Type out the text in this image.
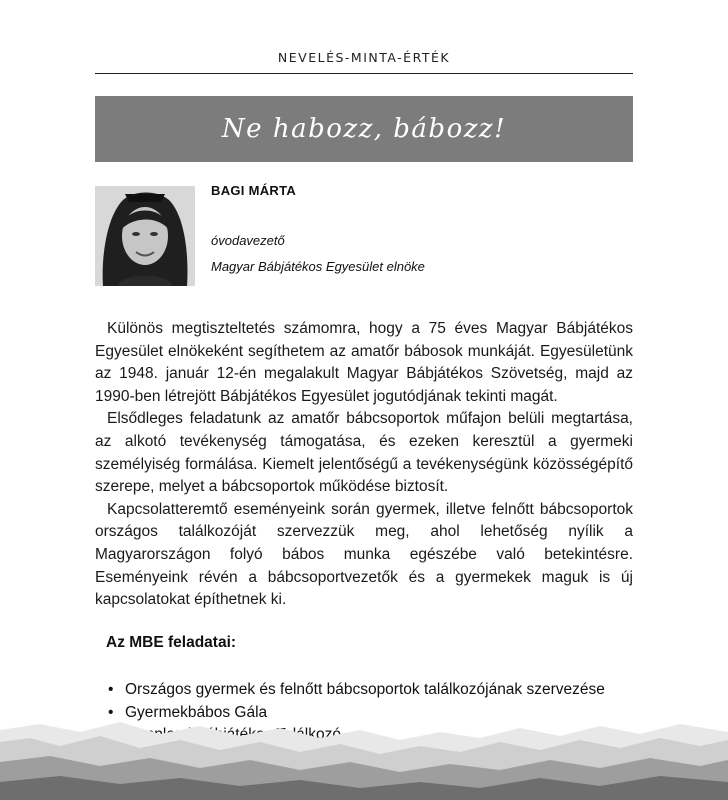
NEVELÉS-MINTA-ÉRTÉK
Ne habozz, bábozz!
BAGI MÁRTA
óvodavezető
Magyar Bábjátékos Egyesület elnöke

Különös megtiszteltetés számomra, hogy a 75 éves Magyar Bábjátékos Egyesület elnökeként segíthetem az amatőr bábosok munkáját. Egyesületünk az 1948. január 12-én megalakult Magyar Bábjátékos Szövetség, majd az 1990-ben létrejött Bábjátékos Egyesület jogutódjának tekinti magát.

Elsődleges feladatunk az amatőr bábcsoportok műfajon belüli megtartása, az alkotó tevékenység támogatása, és ezeken keresztül a gyermeki személyiség formálása. Kiemelt jelentőségű a tevékenységünk közösségépítő szerepe, melyet a bábcsoportok működése biztosít.

Kapcsolatteremtő eseményeink során gyermek, illetve felnőtt bábcsoportok országos találkozóját szervezzük meg, ahol lehetőség nyílik a Magyarországon folyó bábos munka egészébe való betekintésre. Eseményeink révén a bábcsoportvezetők és a gyermekek maguk is új kapcsolatokat építhetnek ki.

Az MBE feladatai:
• Országos gyermek és felnőtt bábcsoportok találkozójának szervezése
• Gyermekbábos Gála
•
